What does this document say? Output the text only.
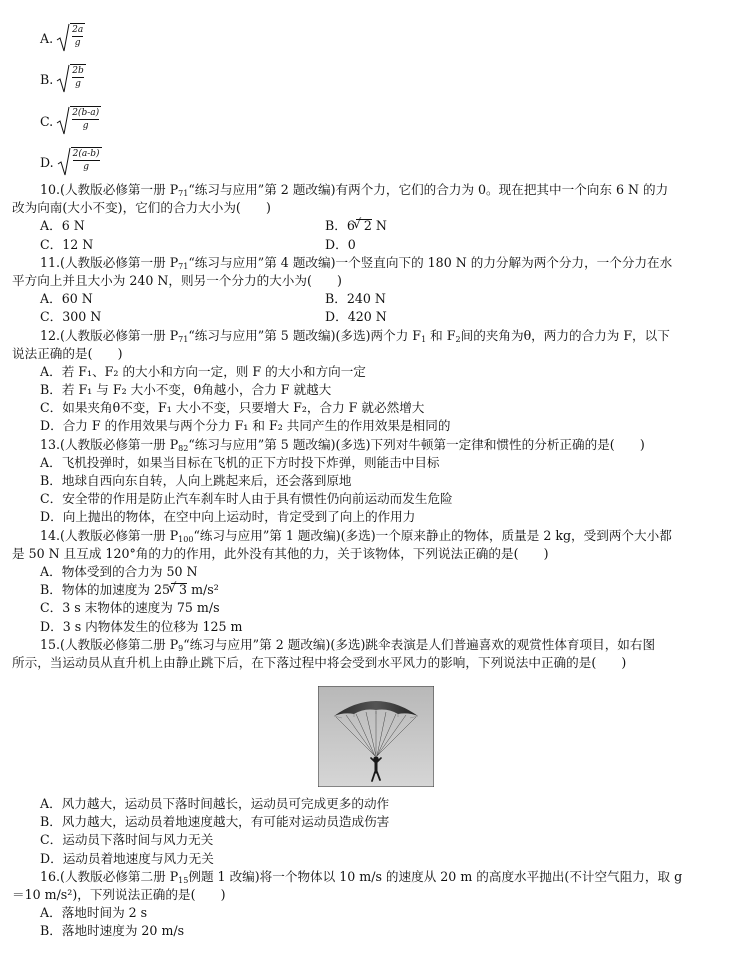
A. $\frac{2a}{g}$
B. $\frac{2b}{g}$
C. $\frac{2(b-a)}{g}$
D. $\frac{2(a-b)}{g}$
10.(人教版必修第一册 $P_{71}“$练习与应用”第 2 题改编)有两个力，它们的合力为 0。现在把其中一个向东 6 N 的力
改为向南(大小不变)，它们的合力大小为(　　)
A．6 N	B．6 √ 2 N
C．12 N	D．0
11.(人教版必修第一册 $P_{71}“$练习与应用”第 4 题改编)一个竖直向下的 180 N 的力分解为两个分力，一个分力在水
平方向上并且大小为 240 N，则另一个分力的大小为(　　)
A．60 N	B．240 N
C．300 N	D．420 N
12.(人教版必修第一册 $P_{71}“$练习与应用”第 5 题改编)(多选)两个力 $F_1$ 和 $F_2$间的夹角为θ，两力的合力为 F，以下
说法正确的是(　　)
A．若 F₁、F₂ 的大小和方向一定，则 F 的大小和方向一定
B．若 F₁ 与 F₂ 大小不变，θ角越小，合力 F 就越大
C．如果夹角θ不变，F₁ 大小不变，只要增大 F₂，合力 F 就必然增大
D．合力 F 的作用效果与两个分力 F₁ 和 F₂ 共同产生的作用效果是相同的
13.(人教版必修第一册 $P_{82}“$练习与应用”第 5 题改编)(多选)下列对牛顿第一定律和惯性的分析正确的是(　　)
A．飞机投弹时，如果当目标在飞机的正下方时投下炸弹，则能击中目标
B．地球自西向东自转，人向上跳起来后，还会落到原地
C．安全带的作用是防止汽车刹车时人由于具有惯性仍向前运动而发生危险
D．向上抛出的物体，在空中向上运动时，肯定受到了向上的作用力
14.(人教版必修第一册 $P_{100}“$练习与应用”第 1 题改编)(多选)一个原来静止的物体，质量是 2 kg，受到两个大小都
是 50 N 且互成 120°角的力的作用，此外没有其他的力，关于该物体，下列说法正确的是(　　)
A．物体受到的合力为 50 N
B．物体的加速度为 25 √ 3 m/s²
C．3 s 末物体的速度为 75 m/s
D．3 s 内物体发生的位移为 125 m
15.(人教版必修第二册 $P_9“$练习与应用”第 2 题改编)(多选)跳伞表演是人们普遍喜欢的观赏性体育项目，如右图
所示，当运动员从直升机上由静止跳下后，在下落过程中将会受到水平风力的影响，下列说法中正确的是(　　)
A．风力越大，运动员下落时间越长，运动员可完成更多的动作
B．风力越大，运动员着地速度越大，有可能对运动员造成伤害
C．运动员下落时间与风力无关
D．运动员着地速度与风力无关
16.(人教版必修第二册 $P_{15}$例题 1 改编)将一个物体以 10 m/s 的速度从 20 m 的高度水平抛出(不计空气阻力，取 g
＝10 m/s²)，下列说法正确的是(　　)
A．落地时间为 2 s
B．落地时速度为 20 m/s
